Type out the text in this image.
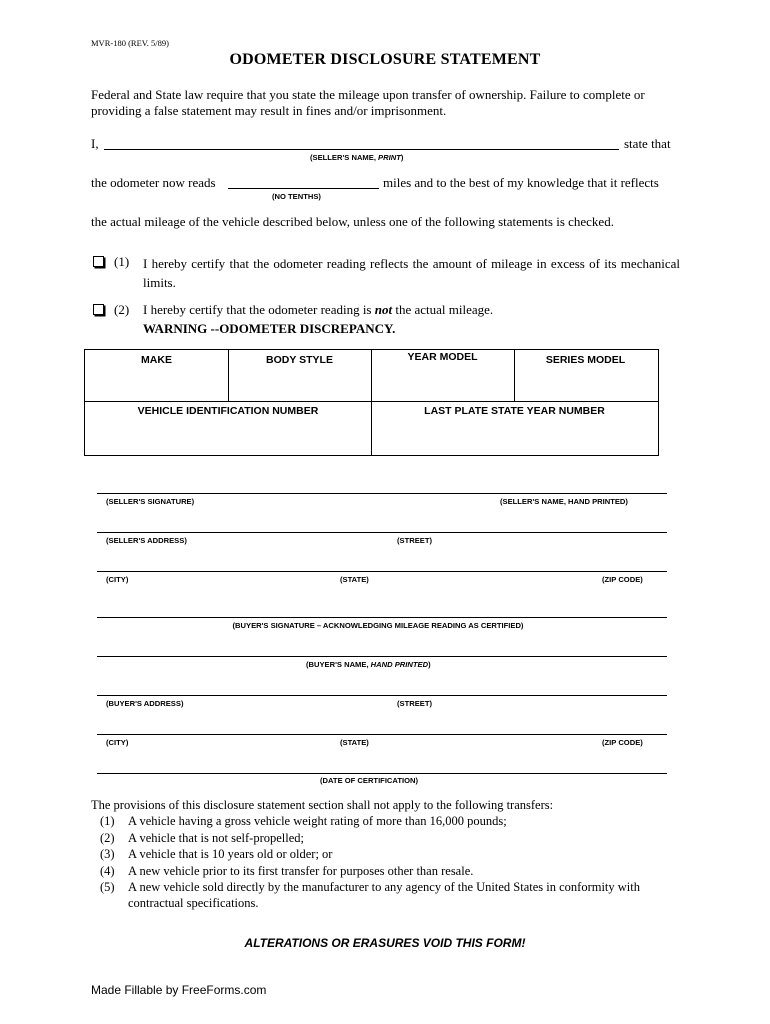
MVR-180 (REV. 5/89)
ODOMETER DISCLOSURE STATEMENT
Federal and State law require that you state the mileage upon transfer of ownership. Failure to complete or providing a false statement may result in fines and/or imprisonment.
I,	state that
(SELLER'S NAME, PRINT)
the odometer now reads	miles and to the best of my knowledge that it reflects
(NO TENTHS)
the actual mileage of the vehicle described below, unless one of the following statements is checked.
(1) I hereby certify that the odometer reading reflects the amount of mileage in excess of its mechanical limits.
(2) I hereby certify that the odometer reading is not the actual mileage.
WARNING --ODOMETER DISCREPANCY.
MAKE	BODY STYLE	YEAR MODEL	SERIES MODEL
VEHICLE IDENTIFICATION NUMBER	LAST PLATE STATE YEAR NUMBER
(SELLER'S SIGNATURE)	(SELLER'S NAME, HAND PRINTED)
(SELLER'S ADDRESS)	(STREET)
(CITY)	(STATE)	(ZIP CODE)
(BUYER'S SIGNATURE – ACKNOWLEDGING MILEAGE READING AS CERTIFIED)
(BUYER'S NAME, HAND PRINTED)
(BUYER'S ADDRESS)	(STREET)
(CITY)	(STATE)	(ZIP CODE)
(DATE OF CERTIFICATION)
The provisions of this disclosure statement section shall not apply to the following transfers:
(1)	A vehicle having a gross vehicle weight rating of more than 16,000 pounds;
(2)	A vehicle that is not self-propelled;
(3)	A vehicle that is 10 years old or older; or
(4)	A new vehicle prior to its first transfer for purposes other than resale.
(5)	A new vehicle sold directly by the manufacturer to any agency of the United States in conformity with contractual specifications.
ALTERATIONS OR ERASURES VOID THIS FORM!
Made Fillable by FreeForms.com
